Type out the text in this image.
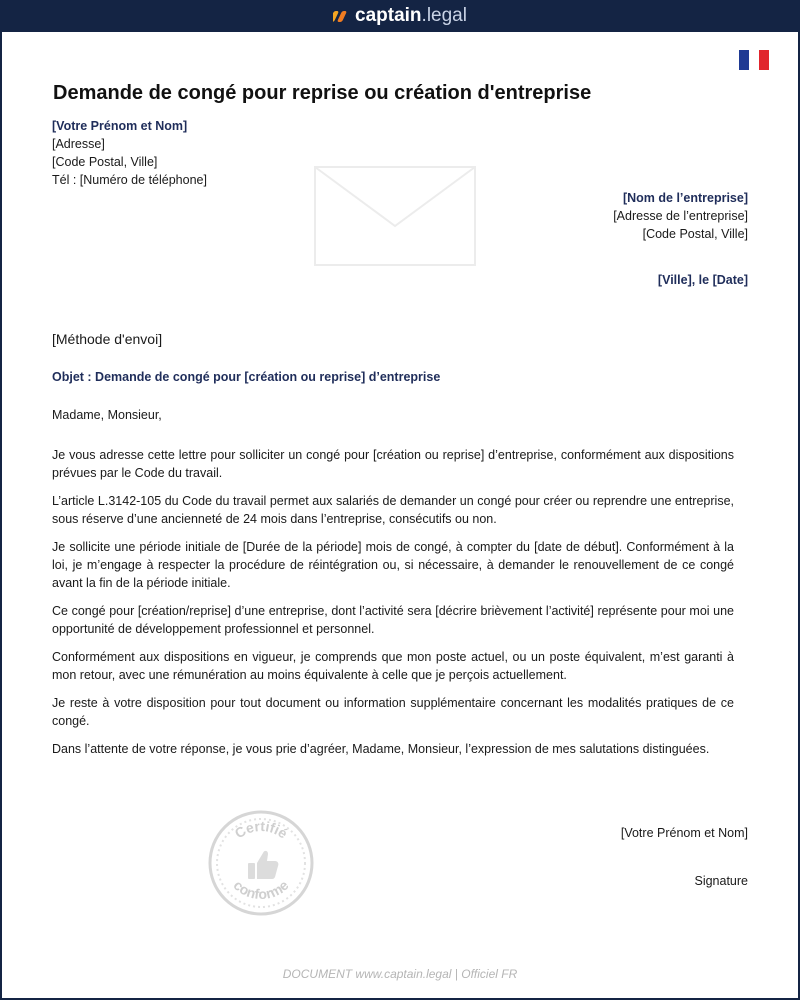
captain.legal
Demande de congé pour reprise ou création d'entreprise
[Votre Prénom et Nom]
[Adresse]
[Code Postal, Ville]
Tél : [Numéro de téléphone]
[Nom de l’entreprise]
[Adresse de l’entreprise]
[Code Postal, Ville]
[Ville], le [Date]
[Méthode d'envoi]
Objet : Demande de congé pour [création ou reprise] d’entreprise
Madame, Monsieur,

Je vous adresse cette lettre pour solliciter un congé pour [création ou reprise] d’entreprise, conformément aux dispositions prévues par le Code du travail.

L’article L.3142-105 du Code du travail permet aux salariés de demander un congé pour créer ou reprendre une entreprise, sous réserve d’une ancienneté de 24 mois dans l’entreprise, consécutifs ou non.

Je sollicite une période initiale de [Durée de la période] mois de congé, à compter du [date de début]. Conformément à la loi, je m’engage à respecter la procédure de réintégration ou, si nécessaire, à demander le renouvellement de ce congé avant la fin de la période initiale.

Ce congé pour [création/reprise] d’une entreprise, dont l’activité sera [décrire brièvement l’activité] représente pour moi une opportunité de développement professionnel et personnel.

Conformément aux dispositions en vigueur, je comprends que mon poste actuel, ou un poste équivalent, m’est garanti à mon retour, avec une rémunération au moins équivalente à celle que je perçois actuellement.

Je reste à votre disposition pour tout document ou information supplémentaire concernant les modalités pratiques de ce congé.

Dans l’attente de votre réponse, je vous prie d’agréer, Madame, Monsieur, l’expression de mes salutations distinguées.

Certifié
conforme
[Votre Prénom et Nom]
Signature
DOCUMENT www.captain.legal | Officiel FR
